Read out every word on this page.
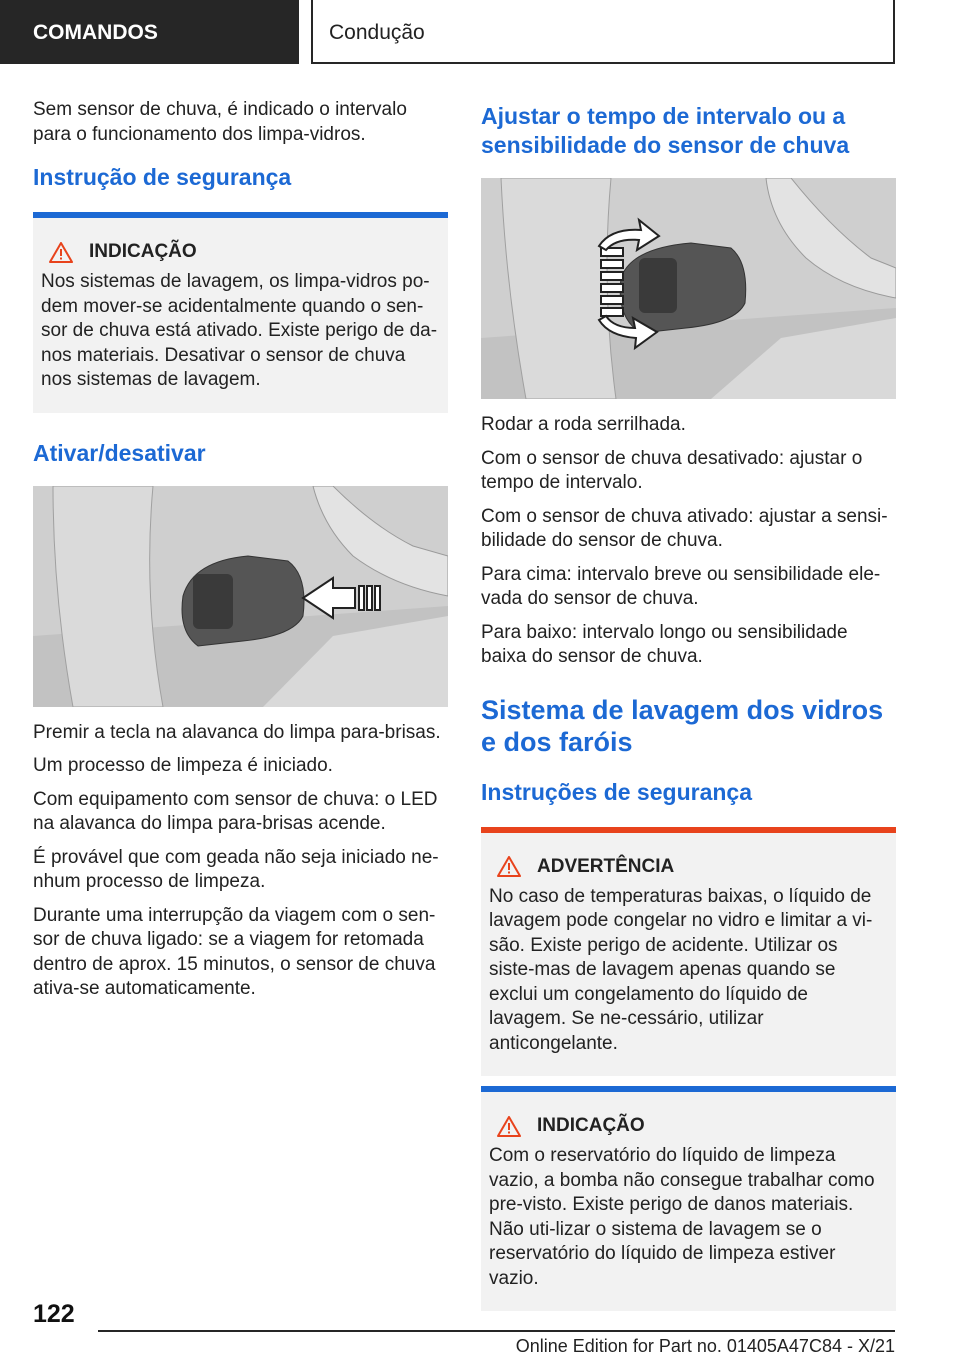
COMANDOS	Condução

Sem sensor de chuva, é indicado o intervalo para o funcionamento dos limpa-vidros.

Instrução de segurança
INDICAÇÃO

Nos sistemas de lavagem, os limpa-vidros po-dem mover-se acidentalmente quando o sen-sor de chuva está ativado. Existe perigo de da-nos materiais. Desativar o sensor de chuva nos sistemas de lavagem.

Ativar/desativar

Premir a tecla na alavanca do limpa para-brisas.

Um processo de limpeza é iniciado.

Com equipamento com sensor de chuva: o LED na alavanca do limpa para-brisas acende.

É provável que com geada não seja iniciado ne-nhum processo de limpeza.

Durante uma interrupção da viagem com o sen-sor de chuva ligado: se a viagem for retomada dentro de aprox. 15 minutos, o sensor de chuva ativa-se automaticamente.

Ajustar o tempo de intervalo ou a sensibilidade do sensor de chuva

Rodar a roda serrilhada.

Com o sensor de chuva desativado: ajustar o tempo de intervalo.

Com o sensor de chuva ativado: ajustar a sensi-bilidade do sensor de chuva.

Para cima: intervalo breve ou sensibilidade ele-vada do sensor de chuva.

Para baixo: intervalo longo ou sensibilidade baixa do sensor de chuva.

Sistema de lavagem dos vidros e dos faróis
Instruções de segurança
ADVERTÊNCIA

No caso de temperaturas baixas, o líquido de lavagem pode congelar no vidro e limitar a vi-são. Existe perigo de acidente. Utilizar os siste-mas de lavagem apenas quando se exclui um congelamento do líquido de lavagem. Se ne-cessário, utilizar anticongelante.

INDICAÇÃO

Com o reservatório do líquido de limpeza vazio, a bomba não consegue trabalhar como pre-visto. Existe perigo de danos materiais. Não uti-lizar o sistema de lavagem se o reservatório do líquido de limpeza estiver vazio.

122
Online Edition for Part no. 01405A47C84 - X/21
